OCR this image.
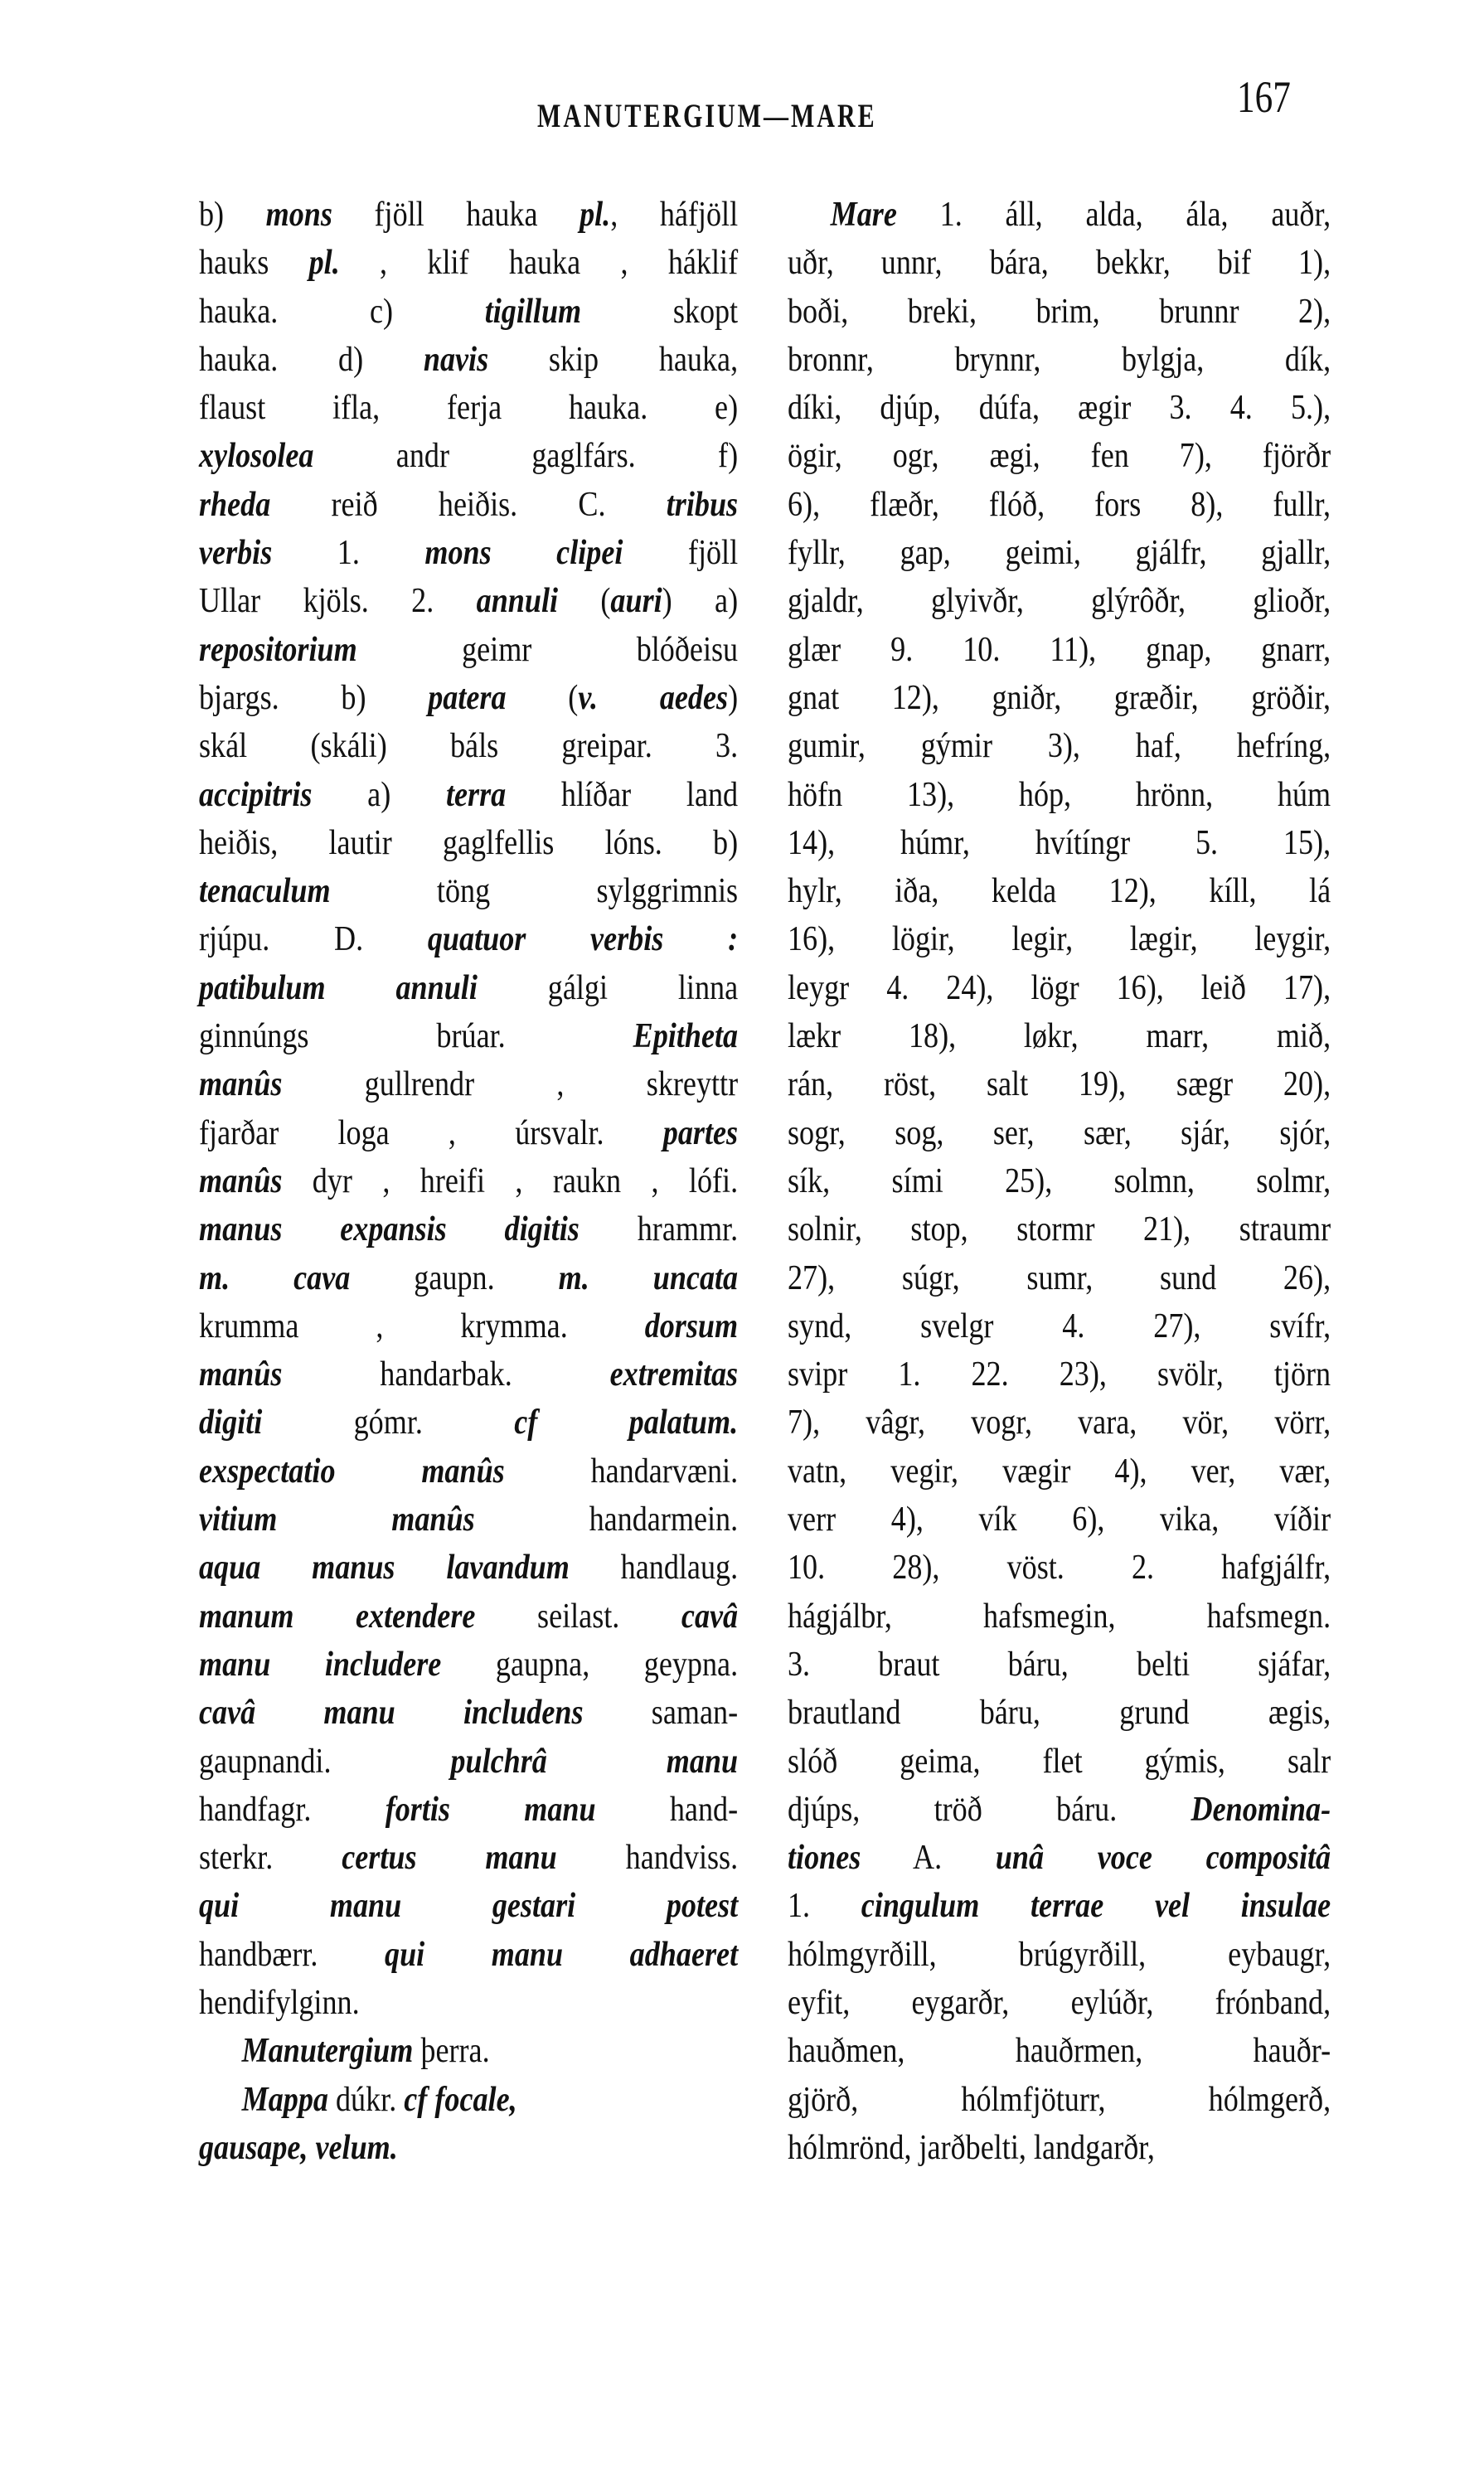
MANUTERGIUM—MARE	167
b) mons fjöll hauka pl., háfjöll
hauks pl. , klif hauka , háklif
hauka. c) tigillum skopt
hauka. d) navis skip hauka,
flaust ifla, ferja hauka. e)
xylosolea andr gaglfárs. f)
rheda reið heiðis. C. tribus
verbis 1. mons clipei fjöll
Ullar kjöls. 2. annuli (auri) a)
repositorium geimr blóðeisu
bjargs. b) patera (v. aedes)
skál (skáli) báls greipar. 3.
accipitris a) terra hlíðar land
heiðis, lautir gaglfellis lóns. b)
tenaculum töng sylggrimnis
rjúpu. D. quatuor verbis :
patibulum annuli gálgi linna
ginnúngs brúar. Epitheta
manûs gullrendr , skreyttr
fjarðar loga , úrsvalr. partes
manûs dyr , hreifi , raukn , lófi.
manus expansis digitis hrammr.
m. cava gaupn. m. uncata
krumma , krymma. dorsum
manûs handarbak. extremitas
digiti gómr. cf palatum.
exspectatio manûs handarvæni.
vitium manûs handarmein.
aqua manus lavandum handlaug.
manum extendere seilast. cavâ
manu includere gaupna, geypna.
cavâ manu includens saman-
gaupnandi. pulchrâ manu
handfagr. fortis manu hand-
sterkr. certus manu handviss.
qui manu gestari potest
handbærr. qui manu adhaeret
hendifylginn.
Manutergium þerra.
Mappa dúkr. cf focale,
gausape, velum.
Mare 1. áll, alda, ála, auðr,
uðr, unnr, bára, bekkr, bif 1),
boði, breki, brim, brunnr 2),
bronnr, brynnr, bylgja, dík,
díki, djúp, dúfa, ægir 3. 4. 5.),
ögir, ogr, ægi, fen 7), fjörðr
6), flæðr, flóð, fors 8), fullr,
fyllr, gap, geimi, gjálfr, gjallr,
gjaldr, glyivðr, glýrôðr, glioðr,
glær 9. 10. 11), gnap, gnarr,
gnat 12), gniðr, græðir, gröðir,
gumir, gýmir 3), haf, hefríng,
höfn 13), hóp, hrönn, húm
14), húmr, hvítíngr 5. 15),
hylr, iða, kelda 12), kíll, lá
16), lögir, legir, lægir, leygir,
leygr 4. 24), lögr 16), leið 17),
lækr 18), løkr, marr, mið,
rán, röst, salt 19), sægr 20),
sogr, sog, ser, sær, sjár, sjór,
sík, sími 25), solmn, solmr,
solnir, stop, stormr 21), straumr
27), súgr, sumr, sund 26),
synd, svelgr 4. 27), svífr,
svipr 1. 22. 23), svölr, tjörn
7), vâgr, vogr, vara, vör, vörr,
vatn, vegir, vægir 4), ver, vær,
verr 4), vík 6), vika, víðir
10. 28), vöst. 2. hafgjálfr,
hágjálbr, hafsmegin, hafsmegn.
3. braut báru, belti sjáfar,
brautland báru, grund ægis,
slóð geima, flet gýmis, salr
djúps, tröð báru. Denomina-
tiones A. unâ voce compositâ
1. cingulum terrae vel insulae
hólmgyrðill, brúgyrðill, eybaugr,
eyfit, eygarðr, eylúðr, frónband,
hauðmen, hauðrmen, hauðr-
gjörð, hólmfjöturr, hólmgerð,
hólmrönd, jarðbelti, landgarðr,
